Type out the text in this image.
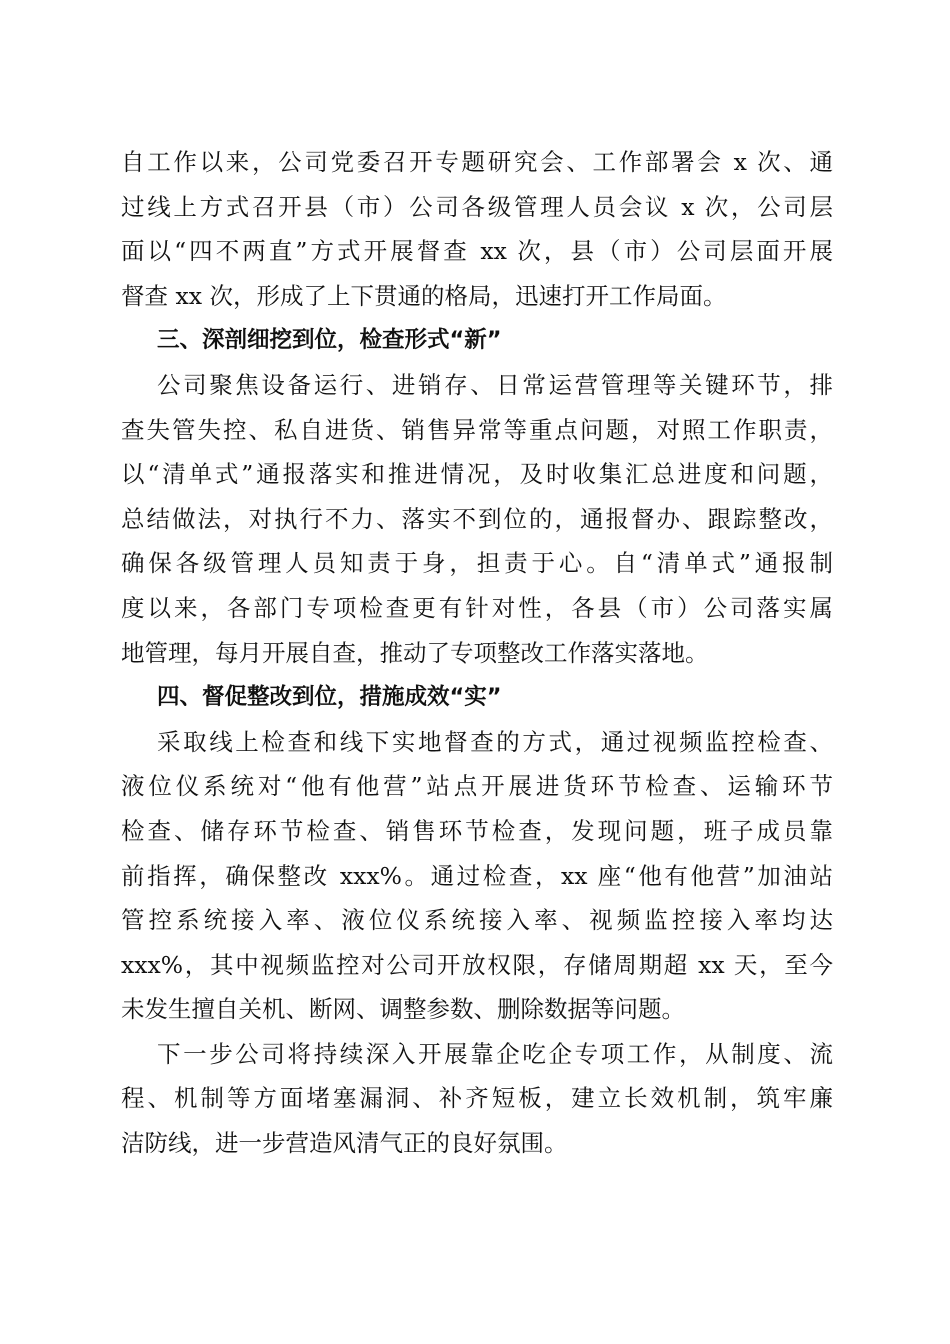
自工作以来，公司党委召开专题研究会、工作部署会 x 次、通
过线上方式召开县（市）公司各级管理人员会议 x 次，公司层
面以“四不两直”方式开展督查 xx 次，县（市）公司层面开展
督查 xx 次，形成了上下贯通的格局，迅速打开工作局面。
三、深剖细挖到位，检查形式“新”
公司聚焦设备运行、进销存、日常运营管理等关键环节，排
查失管失控、私自进货、销售异常等重点问题，对照工作职责，
以“清单式”通报落实和推进情况，及时收集汇总进度和问题，
总结做法，对执行不力、落实不到位的，通报督办、跟踪整改，
确保各级管理人员知责于身，担责于心。自“清单式”通报制
度以来，各部门专项检查更有针对性，各县（市）公司落实属
地管理，每月开展自查，推动了专项整改工作落实落地。
四、督促整改到位，措施成效“实”
采取线上检查和线下实地督查的方式，通过视频监控检查、
液位仪系统对“他有他营”站点开展进货环节检查、运输环节
检查、储存环节检查、销售环节检查，发现问题，班子成员靠
前指挥，确保整改 xxx%。通过检查，xx 座“他有他营”加油站
管控系统接入率、液位仪系统接入率、视频监控接入率均达
xxx%，其中视频监控对公司开放权限，存储周期超 xx 天，至今
未发生擅自关机、断网、调整参数、删除数据等问题。
下一步公司将持续深入开展靠企吃企专项工作，从制度、流
程、机制等方面堵塞漏洞、补齐短板，建立长效机制，筑牢廉
洁防线，进一步营造风清气正的良好氛围。
